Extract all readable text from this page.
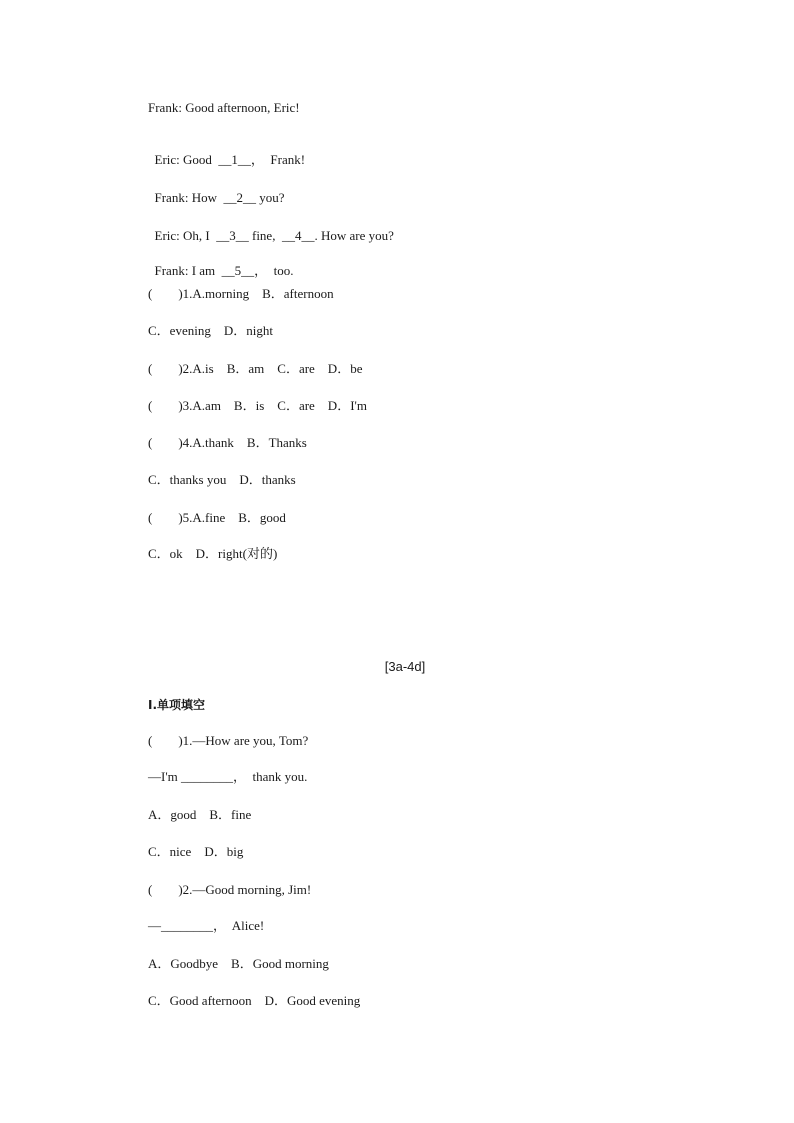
Frank: Good afternoon, Eric!

Eric: Good  __1__，  Frank!

Frank: How  __2__ you?

Eric: Oh, I  __3__ fine,  __4__. How are you?

Frank: I am  __5__，  too.

(        )1.A.morning    B．afternoon
C．evening    D．night
(        )2.A.is    B．am    C．are    D．be
(        )3.A.am    B．is    C．are    D．I'm
(        )4.A.thank    B．Thanks
C．thanks you    D．thanks
(        )5.A.fine    B．good
C．ok    D．right(对的)
[3a-4d]
Ⅰ.单项填空
(        )1.—How are you, Tom?
—I'm ________，  thank you.
A．good    B．fine
C．nice    D．big
(        )2.—Good morning, Jim!
—________，  Alice!
A．Goodbye    B．Good morning
C．Good afternoon    D．Good evening
